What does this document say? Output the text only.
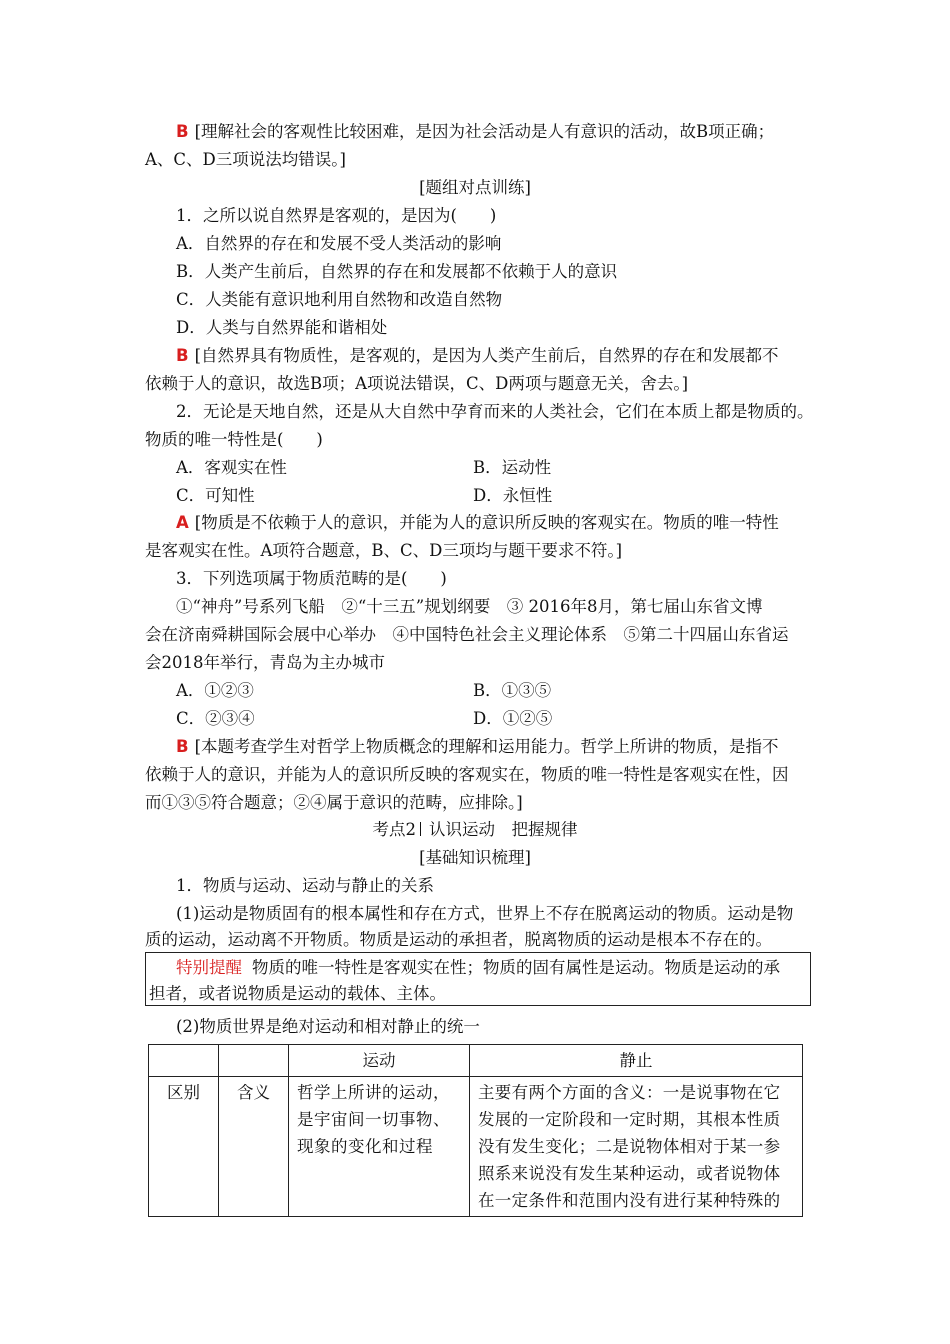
B [理解社会的客观性比较困难，是因为社会活动是人有意识的活动，故B项正确；
A、C、D三项说法均错误。]
[题组对点训练]
1．之所以说自然界是客观的，是因为(　　)
A．自然界的存在和发展不受人类活动的影响
B．人类产生前后，自然界的存在和发展都不依赖于人的意识
C．人类能有意识地利用自然物和改造自然物
D．人类与自然界能和谐相处
B [自然界具有物质性，是客观的，是因为人类产生前后，自然界的存在和发展都不
依赖于人的意识，故选B项；A项说法错误，C、D两项与题意无关，舍去。]
2．无论是天地自然，还是从大自然中孕育而来的人类社会，它们在本质上都是物质的。
物质的唯一特性是(　　)
A．客观实在性	B．运动性
C．可知性	D．永恒性
A [物质是不依赖于人的意识，并能为人的意识所反映的客观实在。物质的唯一特性
是客观实在性。A项符合题意，B、C、D三项均与题干要求不符。]
3．下列选项属于物质范畴的是(　　)
①“神舟”号系列飞船　②“十三五”规划纲要　③ 2016年8月，第七届山东省文博
会在济南舜耕国际会展中心举办　④中国特色社会主义理论体系　⑤第二十四届山东省运
会2018年举行，青岛为主办城市
A．①②③	B．①③⑤
C．②③④	D．①②⑤
B [本题考查学生对哲学上物质概念的理解和运用能力。哲学上所讲的物质，是指不
依赖于人的意识，并能为人的意识所反映的客观实在，物质的唯一特性是客观实在性，因
而①③⑤符合题意；②④属于意识的范畴，应排除。]
考点2 认识运动　把握规律
[基础知识梳理]
1．物质与运动、运动与静止的关系
(1)运动是物质固有的根本属性和存在方式，世界上不存在脱离运动的物质。运动是物
质的运动，运动离不开物质。物质是运动的承担者，脱离物质的运动是根本不存在的。
特别提醒 物质的唯一特性是客观实在性；物质的固有属性是运动。物质是运动的承
担者，或者说物质是运动的载体、主体。
(2)物质世界是绝对运动和相对静止的统一
		运动	静止
区别	含义	哲学上所讲的运动，是宇宙间一切事物、现象的变化和过程	主要有两个方面的含义：一是说事物在它发展的一定阶段和一定时期，其根本性质没有发生变化；二是说物体相对于某一参照系来说没有发生某种运动，或者说物体在一定条件和范围内没有进行某种特殊的
